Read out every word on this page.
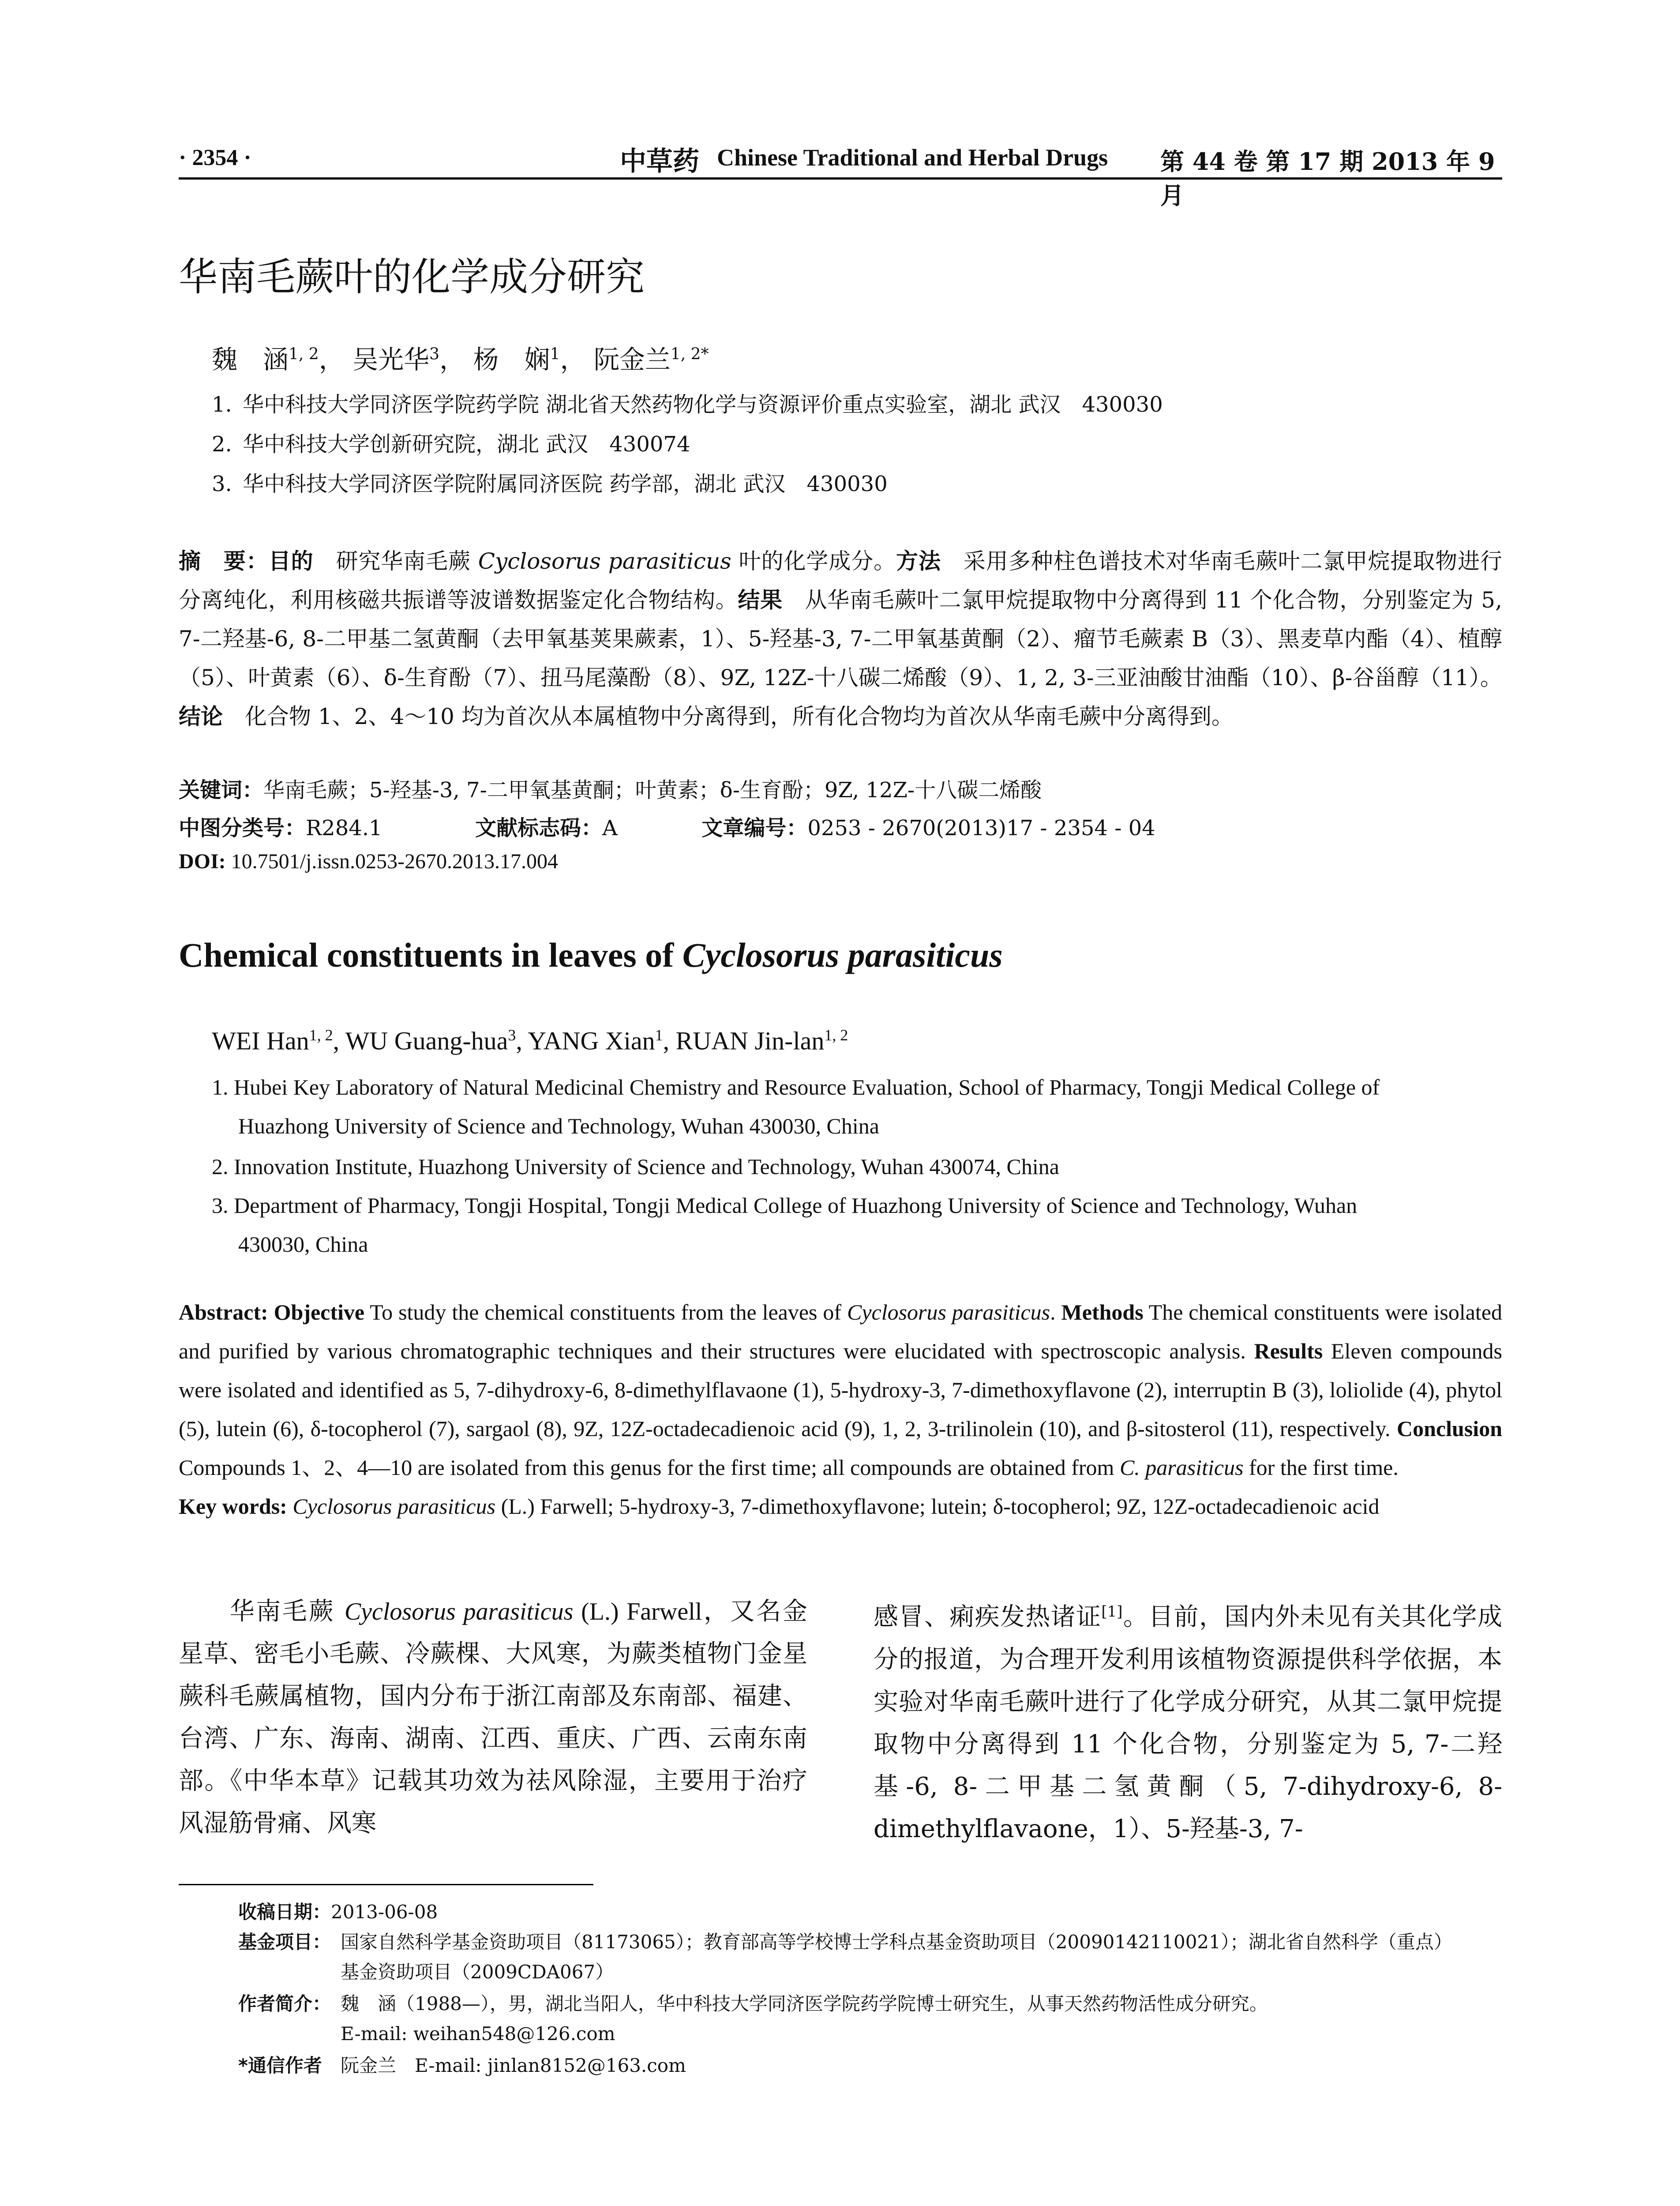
· 2354 ·	中草药 Chinese Traditional and Herbal Drugs 第 44 卷 第 17 期 2013 年 9 月
华南毛蕨叶的化学成分研究
魏　涵$^{1, 2}$， 吴光华$^3$， 杨　娴$^1$， 阮金兰$^{1, 2*}$
1. 华中科技大学同济医学院药学院 湖北省天然药物化学与资源评价重点实验室，湖北 武汉　430030
2. 华中科技大学创新研究院，湖北 武汉　430074
3. 华中科技大学同济医学院附属同济医院 药学部，湖北 武汉　430030
摘　要：目的　研究华南毛蕨 Cyclosorus parasiticus 叶的化学成分。方法　采用多种柱色谱技术对华南毛蕨叶二氯甲烷提取物进行分离纯化，利用核磁共振谱等波谱数据鉴定化合物结构。结果　从华南毛蕨叶二氯甲烷提取物中分离得到 11 个化合物，分别鉴定为 5, 7-二羟基-6, 8-二甲基二氢黄酮（去甲氧基荚果蕨素，1）、5-羟基-3, 7-二甲氧基黄酮（2）、瘤节毛蕨素 B（3）、黑麦草内酯（4）、植醇（5）、叶黄素（6）、δ-生育酚（7）、扭马尾藻酚（8）、9Z, 12Z-十八碳二烯酸（9）、1, 2, 3-三亚油酸甘油酯（10）、β-谷甾醇（11）。结论　化合物 1、2、4～10 均为首次从本属植物中分离得到，所有化合物均为首次从华南毛蕨中分离得到。
关键词：华南毛蕨；5-羟基-3, 7-二甲氧基黄酮；叶黄素；δ-生育酚；9Z, 12Z-十八碳二烯酸
中图分类号：R284.1	文献标志码：A	文章编号：0253 - 2670(2013)17 - 2354 - 04
DOI: 10.7501/j.issn.0253-2670.2013.17.004
Chemical constituents in leaves of Cyclosorus parasiticus
WEI Han$^{1, 2}$, WU Guang-hua$^3$, YANG Xian$^1$, RUAN Jin-lan$^{1, 2}$
1. Hubei Key Laboratory of Natural Medicinal Chemistry and Resource Evaluation, School of Pharmacy, Tongji Medical College of
Huazhong University of Science and Technology, Wuhan 430030, China
2. Innovation Institute, Huazhong University of Science and Technology, Wuhan 430074, China
3. Department of Pharmacy, Tongji Hospital, Tongji Medical College of Huazhong University of Science and Technology, Wuhan
430030, China
Abstract: Objective To study the chemical constituents from the leaves of Cyclosorus parasiticus. Methods The chemical constituents were isolated and purified by various chromatographic techniques and their structures were elucidated with spectroscopic analysis. Results Eleven compounds were isolated and identified as 5, 7-dihydroxy-6, 8-dimethylflavaone (1), 5-hydroxy-3, 7-dimethoxyflavone (2), interruptin B (3), loliolide (4), phytol (5), lutein (6), δ-tocopherol (7), sargaol (8), 9Z, 12Z-octadecadienoic acid (9), 1, 2, 3-trilinolein (10), and β-sitosterol (11), respectively. Conclusion Compounds 1、2、4—10 are isolated from this genus for the first time; all compounds are obtained from C. parasiticus for the first time.
Key words: Cyclosorus parasiticus (L.) Farwell; 5-hydroxy-3, 7-dimethoxyflavone; lutein; δ-tocopherol; 9Z, 12Z-octadecadienoic acid
华南毛蕨 Cyclosorus parasiticus (L.) Farwell，又名金星草、密毛小毛蕨、冷蕨棵、大风寒，为蕨类植物门金星蕨科毛蕨属植物，国内分布于浙江南部及东南部、福建、台湾、广东、海南、湖南、江西、重庆、广西、云南东南部。《中华本草》记载其功效为祛风除湿，主要用于治疗风湿筋骨痛、风寒
感冒、痢疾发热诸证[1]。目前，国内外未见有关其化学成分的报道，为合理开发利用该植物资源提供科学依据，本实验对华南毛蕨叶进行了化学成分研究，从其二氯甲烷提取物中分离得到 11 个化合物，分别鉴定为 5, 7-二羟基-6, 8-二甲基二氢黄酮（5, 7-dihydroxy-6, 8-dimethylflavaone，1）、5-羟基-3, 7-
收稿日期：2013-06-08
基金项目： 国家自然科学基金资助项目（81173065）；教育部高等学校博士学科点基金资助项目（20090142110021）；湖北省自然科学（重点）
基金资助项目（2009CDA067）
作者简介： 魏　涵（1988—），男，湖北当阳人，华中科技大学同济医学院药学院博士研究生，从事天然药物活性成分研究。
E-mail: weihan548@126.com
*通信作者　阮金兰　E-mail: jinlan8152@163.com
